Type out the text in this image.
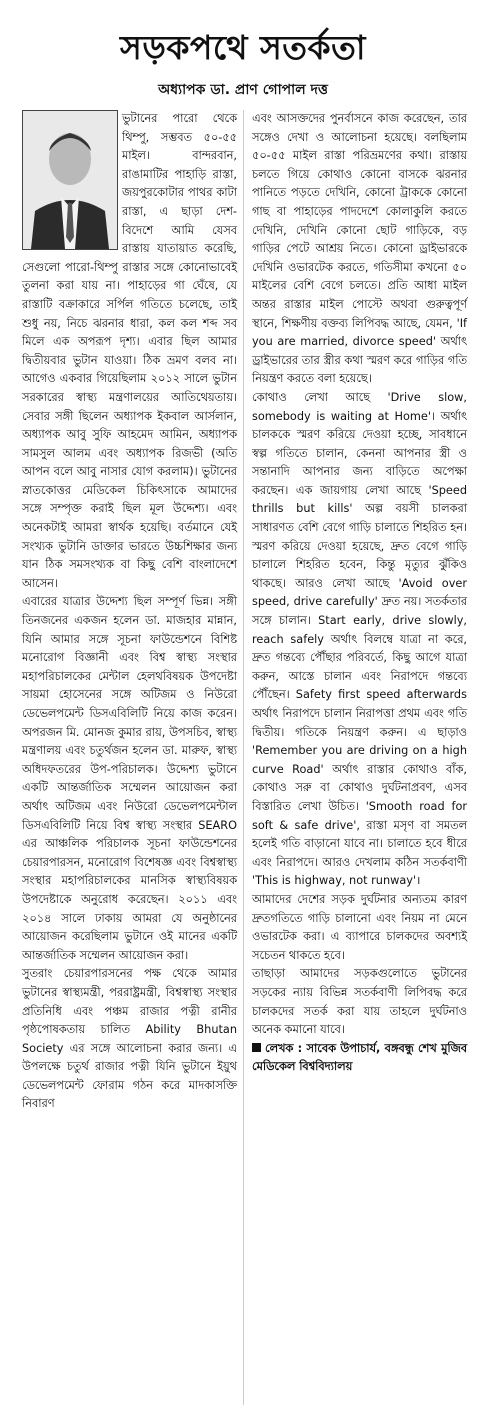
সড়কপথে সতর্কতা
অধ্যাপক ডা. প্রাণ গোপাল দত্ত

ভুটানের পারো থেকে থিম্পু, সম্ভবত ৫০-৫৫ মাইল। বান্দরবান, রাঙামাটির পাহাড়ি রাস্তা, জয়পুরকোটার পাথর কাটা রাস্তা, এ ছাড়া দেশ-বিদেশে আমি যেসব রাস্তায় যাতায়াত করেছি, সেগুলো পারো-থিম্পু রাস্তার সঙ্গে কোনোভাবেই তুলনা করা যায় না। পাহাড়ের গা ঘেঁষে, যে রাস্তাটি বক্রাকারে সর্পিল গতিতে চলেছে, তাই শুধু নয়, নিচে ঝরনার ধারা, কল কল শব্দ সব মিলে এক অপরূপ দৃশ্য। এবার ছিল আমার দ্বিতীয়বার ভুটান যাওয়া। ঠিক ভ্রমণ বলব না। আগেও একবার গিয়েছিলাম ২০১২ সালে ভুটান সরকারের স্বাস্থ্য মন্ত্রণালয়ের আতিথেয়তায়। সেবার সঙ্গী ছিলেন অধ্যাপক ইকবাল আর্সলান, অধ্যাপক আবু সুফি আহমেদ আমিন, অধ্যাপক সামসুল আলম এবং অধ্যাপক রিজভী (অতি আপন বলে আবু নাসার যোগ করলাম)। ভুটানের স্নাতকোত্তর মেডিকেল চিকিৎসাকে আমাদের সঙ্গে সম্পৃক্ত করাই ছিল মূল উদ্দেশ্য। এবং অনেকটাই আমরা স্বার্থক হয়েছি। বর্তমানে যেই সংখ্যক ভুটানি ডাক্তার ভারতে উচ্চশিক্ষার জন্য যান ঠিক সমসংখ্যক বা কিছু বেশি বাংলাদেশে আসেন।

এবারের যাত্রার উদ্দেশ্য ছিল সম্পূর্ণ ভিন্ন। সঙ্গী তিনজনের একজন হলেন ডা. মাজহার মান্নান, যিনি আমার সঙ্গে সূচনা ফাউন্ডেশনে বিশিষ্ট মনোরোগ বিজ্ঞানী এবং বিশ্ব স্বাস্থ্য সংস্থার মহাপরিচালকের মেন্টাল হেলথবিষয়ক উপদেষ্টা সায়মা হোসেনের সঙ্গে অটিজম ও নিউরো ডেভেলপমেন্ট ডিসএবিলিটি নিয়ে কাজ করেন। অপরজন মি. মোনজ কুমার রায়, উপসচিব, স্বাস্থ্য মন্ত্রণালয় এবং চতুর্থজন হলেন ডা. মারুফ, স্বাস্থ্য অধিদফতরের উপ-পরিচালক। উদ্দেশ্য ভুটানে একটি আন্তর্জাতিক সম্মেলন আয়োজন করা অর্থাৎ অটিজম এবং নিউরো ডেভেলপমেন্টাল ডিসএবিলিটি নিয়ে বিশ্ব স্বাস্থ্য সংস্থার SEARO এর আঞ্চলিক পরিচালক সূচনা ফাউন্ডেশনের চেয়ারপারসন, মনোরোগ বিশেষজ্ঞ এবং বিশ্বস্বাস্থ্য সংস্থার মহাপরিচালকের মানসিক স্বাস্থ্যবিষয়ক উপদেষ্টাকে অনুরোধ করেছেন। ২০১১ এবং ২০১৪ সালে ঢাকায় আমরা যে অনুষ্ঠানের আয়োজন করেছিলাম ভুটানে ওই মানের একটি আন্তর্জাতিক সম্মেলন আয়োজন করা।

সুতরাং চেয়ারপারসনের পক্ষ থেকে আমার ভুটানের স্বাস্থ্যমন্ত্রী, পররাষ্ট্রমন্ত্রী, বিশ্বস্বাস্থ্য সংস্থার প্রতিনিধি এবং পঞ্চম রাজার পত্নী রানীর পৃষ্ঠপোষকতায় চালিত Ability Bhutan Society এর সঙ্গে আলোচনা করার জন্য। এ উপলক্ষে চতুর্থ রাজার পত্নী যিনি ভুটানে ইয়ুথ ডেভেলপমেন্ট ফোরাম গঠন করে মাদকাসক্তি নিবারণ

এবং আসক্তদের পুনর্বাসনে কাজ করেছেন, তার সঙ্গেও দেখা ও আলোচনা হয়েছে। বলছিলাম ৫০-৫৫ মাইল রাস্তা পরিভ্রমণের কথা। রাস্তায় চলতে গিয়ে কোথাও কোনো বাসকে ঝরনার পানিতে পড়তে দেখিনি, কোনো ট্রাককে কোনো গাছ বা পাহাড়ের পাদদেশে কোলাকুলি করতে দেখিনি, দেখিনি কোনো ছোট গাড়িকে, বড় গাড়ির পেটে আশ্রয় নিতে। কোনো ড্রাইভারকে দেখিনি ওভারটেক করতে, গতিসীমা কখনো ৫০ মাইলের বেশি বেগে চলতে। প্রতি আধা মাইল অন্তর রাস্তার মাইল পোস্টে অথবা গুরুত্বপূর্ণ স্থানে, শিক্ষণীয় বক্তব্য লিপিবদ্ধ আছে, যেমন, 'If you are married, divorce speed' অর্থাৎ ড্রাইভারের তার স্ত্রীর কথা স্মরণ করে গাড়ির গতি নিয়ন্ত্রণ করতে বলা হয়েছে।

কোথাও লেখা আছে 'Drive slow, somebody is waiting at Home'। অর্থাৎ চালককে স্মরণ করিয়ে দেওয়া হচ্ছে, সাবধানে স্বল্প গতিতে চালান, কেননা আপনার স্ত্রী ও সন্তানাদি আপনার জন্য বাড়িতে অপেক্ষা করছেন। এক জায়গায় লেখা আছে 'Speed thrills but kills' অল্প বয়সী চালকরা সাধারণত বেশি বেগে গাড়ি চালাতে শিহরিত হন। স্মরণ করিয়ে দেওয়া হয়েছে, দ্রুত বেগে গাড়ি চালালে শিহরিত হবেন, কিন্তু মৃত্যুর ঝুঁকিও থাকছে। আরও লেখা আছে 'Avoid over speed, drive carefully' দ্রুত নয়। সতর্কতার সঙ্গে চালান। Start early, drive slowly, reach safely অর্থাৎ বিলম্বে যাত্রা না করে, দ্রুত গন্তব্যে পৌঁছার পরিবর্তে, কিছু আগে যাত্রা করুন, আস্তে চালান এবং নিরাপদে গন্তব্যে পৌঁছেন। Safety first speed afterwards অর্থাৎ নিরাপদে চালান নিরাপত্তা প্রথম এবং গতি দ্বিতীয়। গতিকে নিয়ন্ত্রণ করুন। এ ছাড়াও 'Remember you are driving on a high curve Road' অর্থাৎ রাস্তার কোথাও বাঁক, কোথাও সরু বা কোথাও দুর্ঘটনাপ্রবণ, এসব বিস্তারিত লেখা উচিত। 'Smooth road for soft & safe drive', রাস্তা মসৃণ বা সমতল হলেই গতি বাড়ানো যাবে না। চালাতে হবে ধীরে এবং নিরাপদে। আরও দেখলাম কঠিন সতর্কবাণী 'This is highway, not runway'।

আমাদের দেশের সড়ক দুর্ঘটনার অন্যতম কারণ দ্রুতগতিতে গাড়ি চালানো এবং নিয়ম না মেনে ওভারটেক করা। এ ব্যাপারে চালকদের অবশ্যই সচেতন থাকতে হবে।

তাছাড়া আমাদের সড়কগুলোতে ভুটানের সড়কের ন্যায় বিভিন্ন সতর্কবাণী লিপিবদ্ধ করে চালকদের সতর্ক করা যায় তাহলে দুর্ঘটনাও অনেক কমানো যাবে।

লেখক : সাবেক উপাচার্য, বঙ্গবন্ধু শেখ মুজিব মেডিকেল বিশ্ববিদ্যালয়
